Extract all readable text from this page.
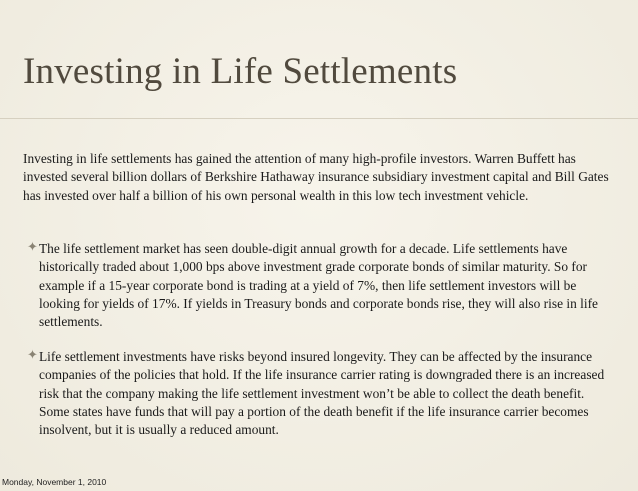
Investing in Life Settlements
Investing in life settlements has gained the attention of many high-profile investors. Warren Buffett has invested several billion dollars of Berkshire Hathaway insurance subsidiary investment capital and Bill Gates has invested over half a billion of his own personal wealth in this low tech investment vehicle.
✦ The life settlement market has seen double-digit annual growth for a decade. Life settlements have historically traded about 1,000 bps above investment grade corporate bonds of similar maturity. So for example if a 15-year corporate bond is trading at a yield of 7%, then life settlement investors will be looking for yields of 17%. If yields in Treasury bonds and corporate bonds rise, they will also rise in life settlements.
✦ Life settlement investments have risks beyond insured longevity. They can be affected by the insurance companies of the policies that hold. If the life insurance carrier rating is downgraded there is an increased risk that the company making the life settlement investment won’t be able to collect the death benefit. Some states have funds that will pay a portion of the death benefit if the life insurance carrier becomes insolvent, but it is usually a reduced amount.
Monday, November 1, 2010
